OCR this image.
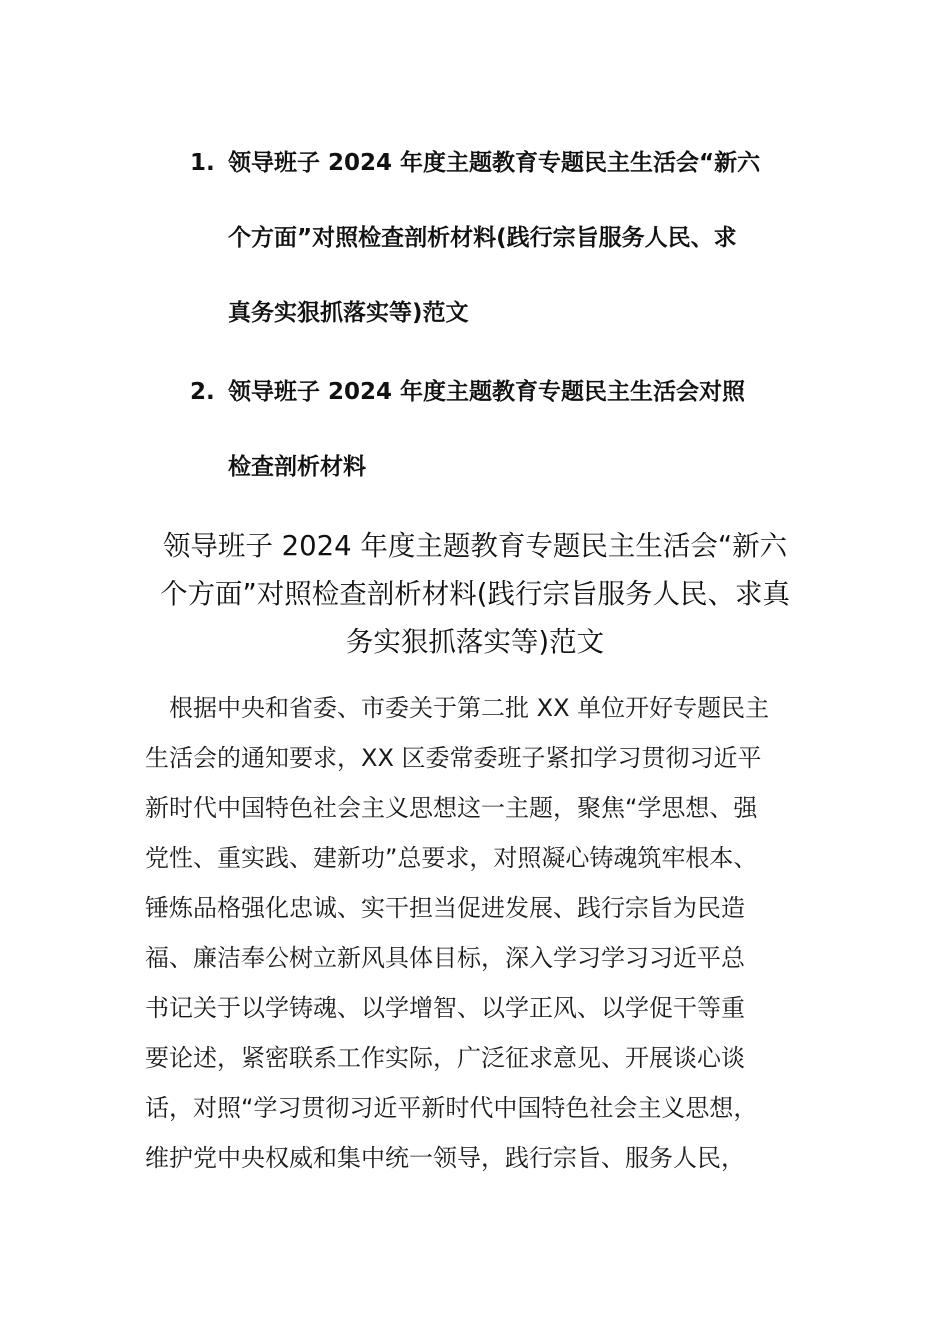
1. 领导班子 2024 年度主题教育专题民主生活会“新六
个方面”对照检查剖析材料(践行宗旨服务人民、求
真务实狠抓落实等)范文
2. 领导班子 2024 年度主题教育专题民主生活会对照
检查剖析材料
领导班子 2024 年度主题教育专题民主生活会“新六
个方面”对照检查剖析材料(践行宗旨服务人民、求真
务实狠抓落实等)范文
　根据中央和省委、市委关于第二批 XX 单位开好专题民主
生活会的通知要求，XX 区委常委班子紧扣学习贯彻习近平
新时代中国特色社会主义思想这一主题，聚焦“学思想、强
党性、重实践、建新功”总要求，对照凝心铸魂筑牢根本、
锤炼品格强化忠诚、实干担当促进发展、践行宗旨为民造
福、廉洁奉公树立新风具体目标，深入学习学习习近平总
书记关于以学铸魂、以学增智、以学正风、以学促干等重
要论述，紧密联系工作实际，广泛征求意见、开展谈心谈
话，对照“学习贯彻习近平新时代中国特色社会主义思想，
维护党中央权威和集中统一领导，践行宗旨、服务人民，
